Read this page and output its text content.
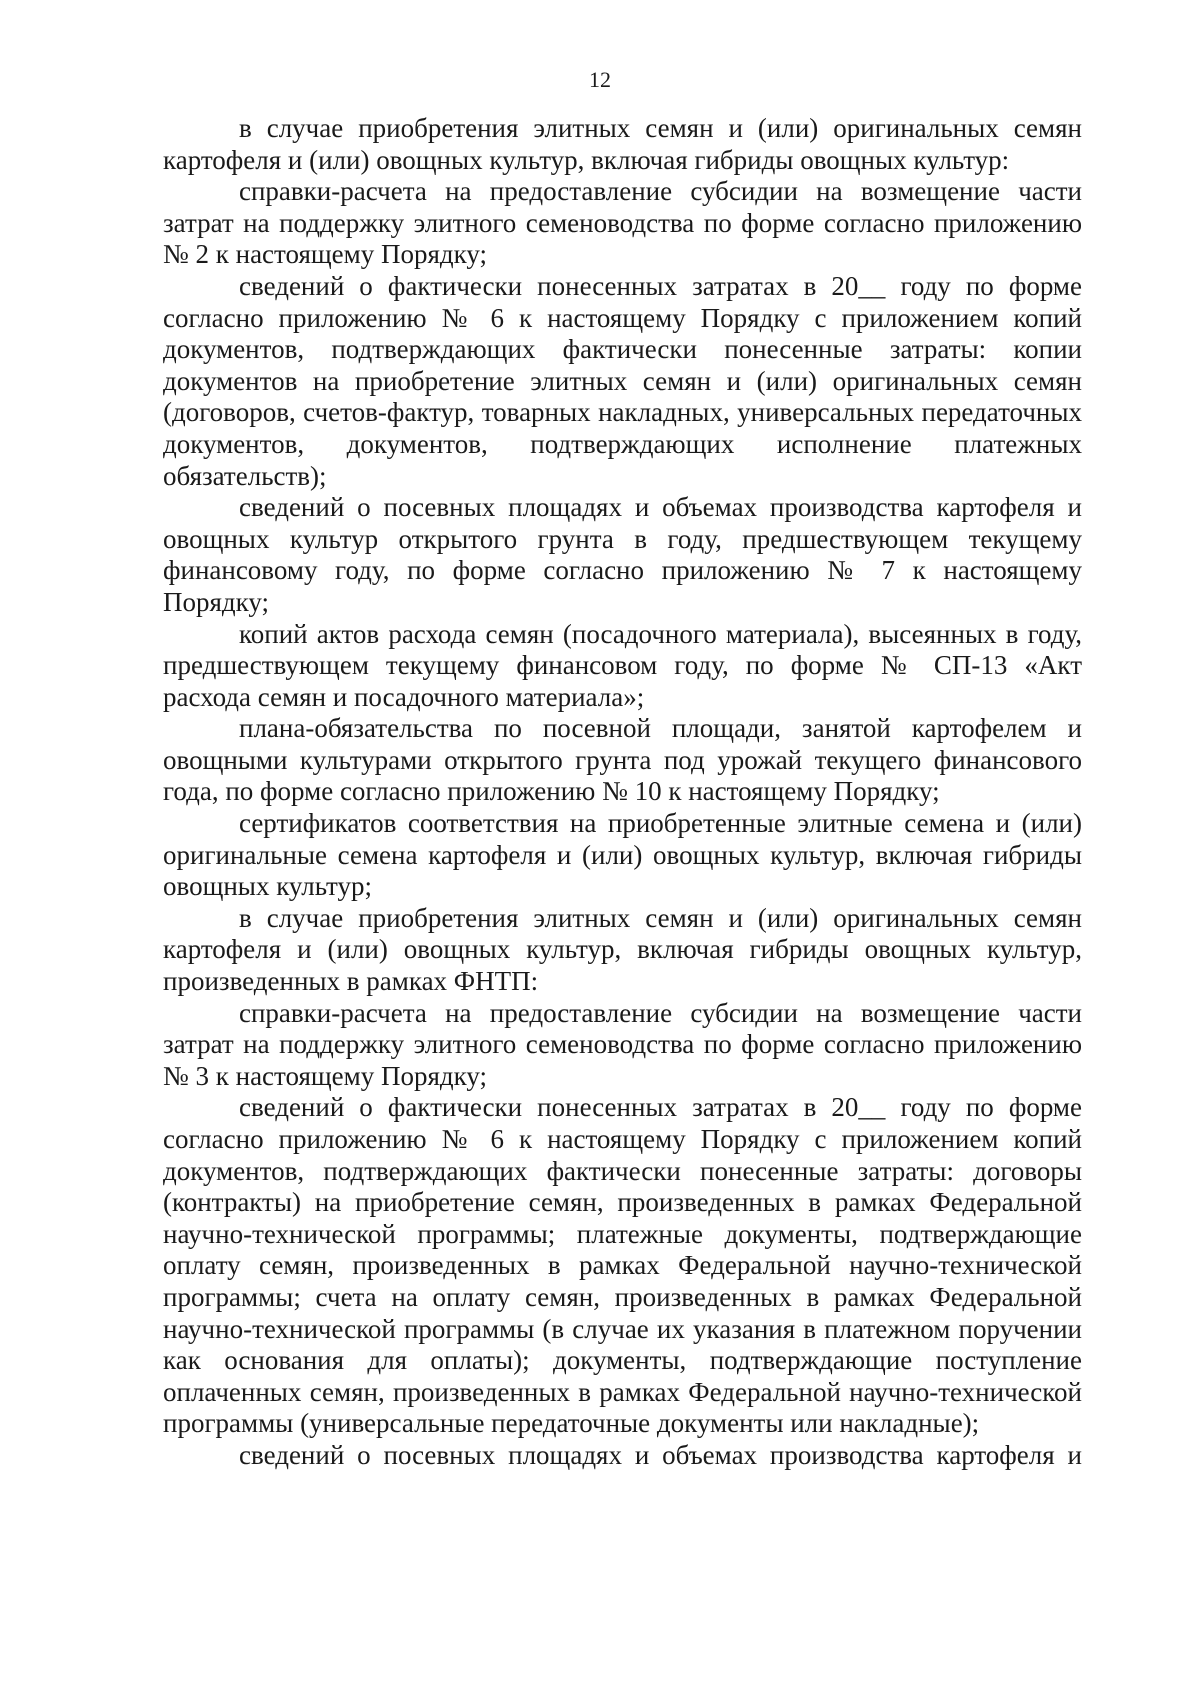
12

в случае приобретения элитных семян и (или) оригинальных семян картофеля и (или) овощных культур, включая гибриды овощных культур:

справки-расчета на предоставление субсидии на возмещение части затрат на поддержку элитного семеноводства по форме согласно приложению № 2 к настоящему Порядку;

сведений о фактически понесенных затратах в 20__ году по форме согласно приложению № 6 к настоящему Порядку с приложением копий документов, подтверждающих фактически понесенные затраты: копии документов на приобретение элитных семян и (или) оригинальных семян (договоров, счетов-фактур, товарных накладных, универсальных передаточных документов, документов, подтверждающих исполнение платежных обязательств);

сведений о посевных площадях и объемах производства картофеля и овощных культур открытого грунта в году, предшествующем текущему финансовому году, по форме согласно приложению № 7 к настоящему Порядку;

копий актов расхода семян (посадочного материала), высеянных в году, предшествующем текущему финансовом году, по форме № СП-13 «Акт расхода семян и посадочного материала»;

плана-обязательства по посевной площади, занятой картофелем и овощными культурами открытого грунта под урожай текущего финансового года, по форме согласно приложению № 10 к настоящему Порядку;

сертификатов соответствия на приобретенные элитные семена и (или) оригинальные семена картофеля и (или) овощных культур, включая гибриды овощных культур;

в случае приобретения элитных семян и (или) оригинальных семян картофеля и (или) овощных культур, включая гибриды овощных культур, произведенных в рамках ФНТП:

справки-расчета на предоставление субсидии на возмещение части затрат на поддержку элитного семеноводства по форме согласно приложению № 3 к настоящему Порядку;

сведений о фактически понесенных затратах в 20__ году по форме согласно приложению № 6 к настоящему Порядку с приложением копий документов, подтверждающих фактически понесенные затраты: договоры (контракты) на приобретение семян, произведенных в рамках Федеральной научно-технической программы; платежные документы, подтверждающие оплату семян, произведенных в рамках Федеральной научно-технической программы; счета на оплату семян, произведенных в рамках Федеральной научно-технической программы (в случае их указания в платежном поручении как основания для оплаты); документы, подтверждающие поступление оплаченных семян, произведенных в рамках Федеральной научно-технической программы (универсальные передаточные документы или накладные);

сведений о посевных площадях и объемах производства картофеля и
